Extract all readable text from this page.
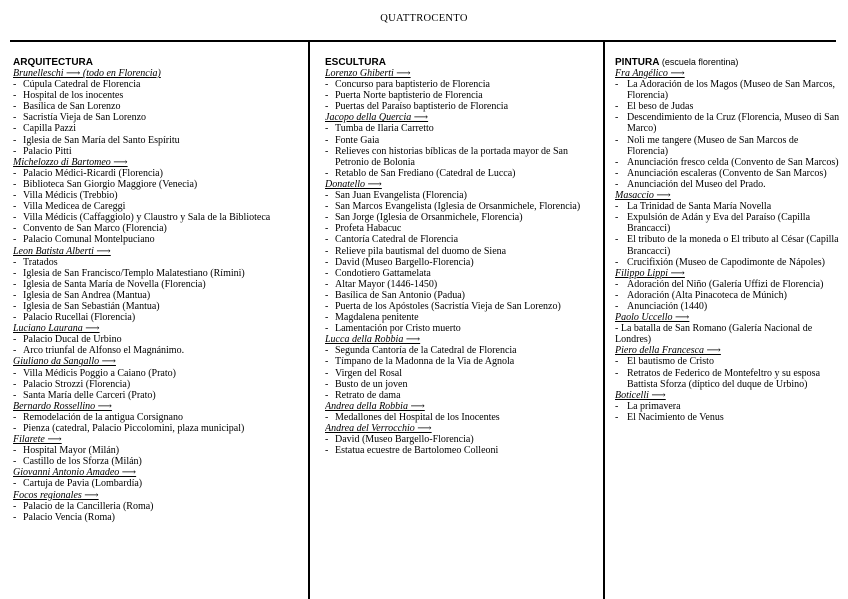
QUATTROCENTO
ARQUITECTURA
Brunelleschi ⟶ (todo en Florencia)
- Cúpula Catedral de Florencia
- Hospital de los inocentes
- Basílica de San Lorenzo
- Sacristía Vieja de San Lorenzo
- Capilla Pazzi
- Iglesia de San María del Santo Espíritu
- Palacio Pitti
Michelozzo di Bartomeo ⟶
- Palacio Médici-Ricardi (Florencia)
- Biblioteca San Giorgio Maggiore (Venecia)
- Villa Médicis (Trebbio)
- Villa Medicea de Careggi
- Villa Médicis (Caffaggiolo) y Claustro y Sala de la Biblioteca
- Convento de San Marco (Florencia)
- Palacio Comunal Montelpuciano
Leon Batista Alberti ⟶
- Tratados
- Iglesia de San Francisco/Templo Malatestiano (Rímini)
- Iglesia de Santa María de Novella (Florencia)
- Iglesia de San Andrea (Mantua)
- Iglesia de San Sebastián (Mantua)
- Palacio Rucellai (Florencia)
Luciano Laurana ⟶
- Palacio Ducal de Urbino
- Arco triunfal de Alfonso el Magnánimo.
Giuliano da Sangallo ⟶
- Villa Médicis Poggio a Caiano (Prato)
- Palacio Strozzi (Florencia)
- Santa María delle Carceri (Prato)
Bernardo Rossellino ⟶
- Remodelación de la antigua Corsignano
- Pienza (catedral, Palacio Piccolomini, plaza municipal)
Filarete ⟶
- Hospital Mayor (Milán)
- Castillo de los Sforza (Milán)
Giovanni Antonio Amadeo ⟶
- Cartuja de Pavia (Lombardía)
Focos regionales ⟶
- Palacio de la Cancilleria (Roma)
- Palacio Vencia (Roma)
ESCULTURA
Lorenzo Ghiberti ⟶
- Concurso para baptisterio de Florencia
- Puerta Norte baptisterio de Florencia
- Puertas del Paraíso baptisterio de Florencia
Jacopo della Quercia ⟶
- Tumba de Ilaria Carretto
- Fonte Gaia
- Relieves con historias bíblicas de la portada mayor de San Petronio de Bolonia
- Retablo de San Frediano (Catedral de Lucca)
Donatello ⟶
- San Juan Evangelista (Florencia)
- San Marcos Evangelista (Iglesia de Orsanmichele, Florencia)
- San Jorge (Iglesia de Orsanmichele, Florencia)
- Profeta Habacuc
- Cantoría Catedral de Florencia
- Relieve pila bautismal del duomo de Siena
- David (Museo Bargello-Florencia)
- Condotiero Gattamelata
- Altar Mayor (1446-1450)
- Basílica de San Antonio (Padua)
- Puerta de los Apóstoles (Sacristía Vieja de San Lorenzo)
- Magdalena penitente
- Lamentación por Cristo muerto
Lucca della Robbia ⟶
- Segunda Cantoría de la Catedral de Florencia
- Tímpano de la Madonna de la Via de Agnola
- Virgen del Rosal
- Busto de un joven
- Retrato de dama
Andrea della Robbia ⟶
- Medallones del Hospital de los Inocentes
Andrea del Verrocchio ⟶
- David (Museo Bargello-Florencia)
- Estatua ecuestre de Bartolomeo Colleoni
PINTURA (escuela florentina)
Fra Angélico ⟶
- La Adoración de los Magos (Museo de San Marcos, Florencia)
- El beso de Judas
- Descendimiento de la Cruz (Florencia, Museo di San Marco)
- Noli me tangere (Museo de San Marcos de Florencia)
- Anunciación fresco celda (Convento de San Marcos)
- Anunciación escaleras (Convento de San Marcos)
- Anunciación del Museo del Prado.
Masaccio ⟶
- La Trinidad de Santa María Novella
- Expulsión de Adán y Eva del Paraíso (Capilla Brancacci)
- El tributo de la moneda o El tributo al César (Capilla Brancacci)
- Crucifixión (Museo de Capodimonte de Nápoles)
Filippo Lippi ⟶
- Adoración del Niño (Galería Uffizi de Florencia)
- Adoración (Alta Pinacoteca de Múnich)
- Anunciación (1440)
Paolo Uccello ⟶
- La batalla de San Romano (Galería Nacional de Londres)
Piero della Francesca ⟶
- El bautismo de Cristo
- Retratos de Federico de Montefeltro y su esposa Battista Sforza (díptico del duque de Urbino)
Boticelli ⟶
- La primavera
- El Nacimiento de Venus
